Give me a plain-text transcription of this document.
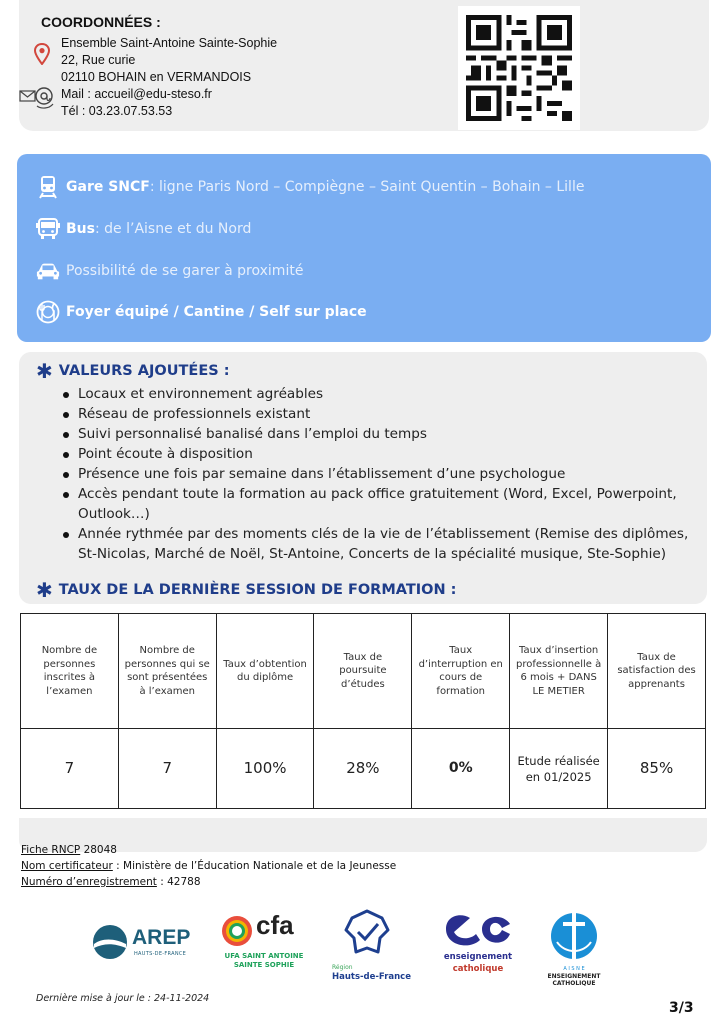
COORDONNÉES :
Ensemble Saint-Antoine Sainte-Sophie
22, Rue curie
02110 BOHAIN en VERMANDOIS
Mail : accueil@edu-steso.fr
Tél : 03.23.07.53.53
Gare SNCF : ligne Paris Nord – Compiègne – Saint Quentin – Bohain – Lille
Bus : de l’Aisne et du Nord
Possibilité de se garer à proximité
Foyer équipé / Cantine / Self sur place
✱ VALEURS AJOUTÉES :
Locaux et environnement agréables
Réseau de professionnels existant
Suivi personnalisé banalisé dans l’emploi du temps
Point écoute à disposition
Présence une fois par semaine dans l’établissement d’une psychologue
Accès pendant toute la formation au pack office gratuitement (Word, Excel, Powerpoint, Outlook…)
Année rythmée par des moments clés de la vie de l’établissement (Remise des diplômes, St-Nicolas, Marché de Noël, St-Antoine, Concerts de la spécialité musique, Ste-Sophie)
✱ TAUX DE LA DERNIÈRE SESSION DE FORMATION :
Nombre de personnes inscrites à l’examen	Nombre de personnes qui se sont présentées à l’examen	Taux d’obtention du diplôme	Taux de poursuite d’études	Taux d’interruption en cours de formation	Taux d’insertion professionnelle à 6 mois + DANS LE METIER	Taux de satisfaction des apprenants
7	7	100%	28%	0%	Etude réalisée en 01/2025	85%
Fiche RNCP 28048
Nom certificateur : Ministère de l’Éducation Nationale et de la Jeunesse
Numéro d’enregistrement : 42788
AREP
HAUTS-DE-FRANCE
cfa
UFA SAINT ANTOINE
SAINTE SOPHIE	Région
Hauts-de-France
enseignement
catholique	A I S N E
ENSEIGNEMENT
CATHOLIQUE
Dernière mise à jour le : 24-11-2024
3/3
